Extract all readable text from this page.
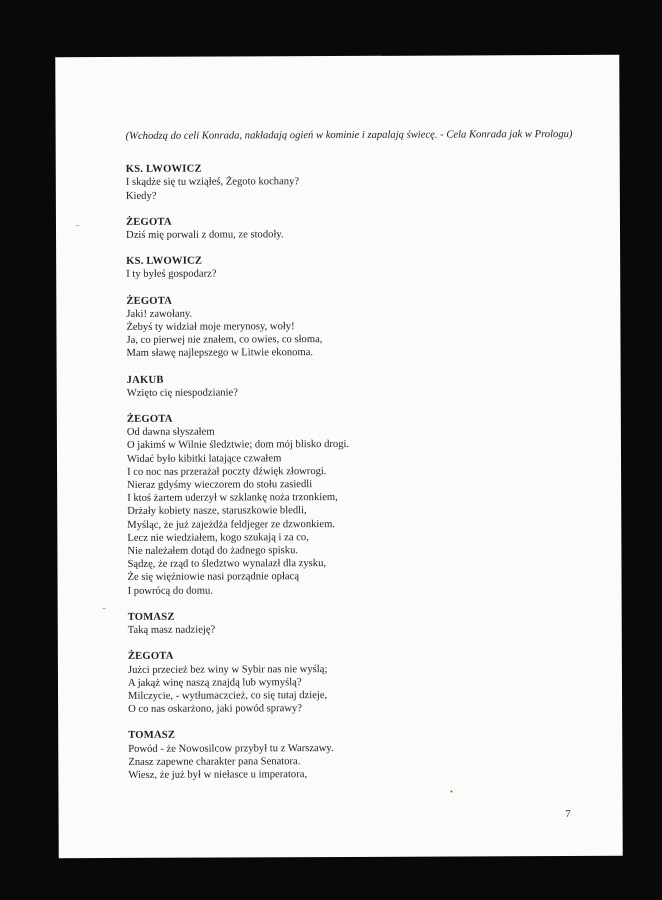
(Wchodzą do celi Konrada, nakładają ogień w kominie i zapalają świecę. - Cela Konrada jak w Prologu)
KS. LWOWICZ
I skądże się tu wziąłeś, Żegoto kochany?
Kiedy?
ŻEGOTA
Dziś mię porwali z domu, ze stodoły.
KS. LWOWICZ
I ty byłeś gospodarz?
ŻEGOTA
Jaki! zawołany.
Żebyś ty widział moje merynosy, woły!
Ja, co pierwej nie znałem, co owies, co słoma,
Mam sławę najlepszego w Litwie ekonoma.
JAKUB
Wzięto cię niespodzianie?
ŻEGOTA
Od dawna słyszałem
O jakimś w Wilnie śledztwie; dom mój blisko drogi.
Widać było kibitki latające czwałem
I co noc nas przerażał poczty dźwięk złowrogi.
Nieraz gdyśmy wieczorem do stołu zasiedli
I ktoś żartem uderzył w szklankę noża trzonkiem,
Drżały kobiety nasze, staruszkowie bledli,
Myśląc, że już zajeżdża feldjeger ze dzwonkiem.
Lecz nie wiedziałem, kogo szukają i za co,
Nie należałem dotąd do żadnego spisku.
Sądzę, że rząd to śledztwo wynalazł dla zysku,
Że się więźniowie nasi porządnie opłacą
I powrócą do domu.
TOMASZ
Taką masz nadzieję?
ŻEGOTA
Jużci przecież bez winy w Sybir nas nie wyślą;
A jakąż winę naszą znajdą lub wymyślą?
Milczycie, - wytłumaczcież, co się tutaj dzieje,
O co nas oskarżono, jaki powód sprawy?
TOMASZ
Powód - że Nowosilcow przybył tu z Warszawy.
Znasz zapewne charakter pana Senatora.
Wiesz, że już był w niełasce u imperatora,
7
